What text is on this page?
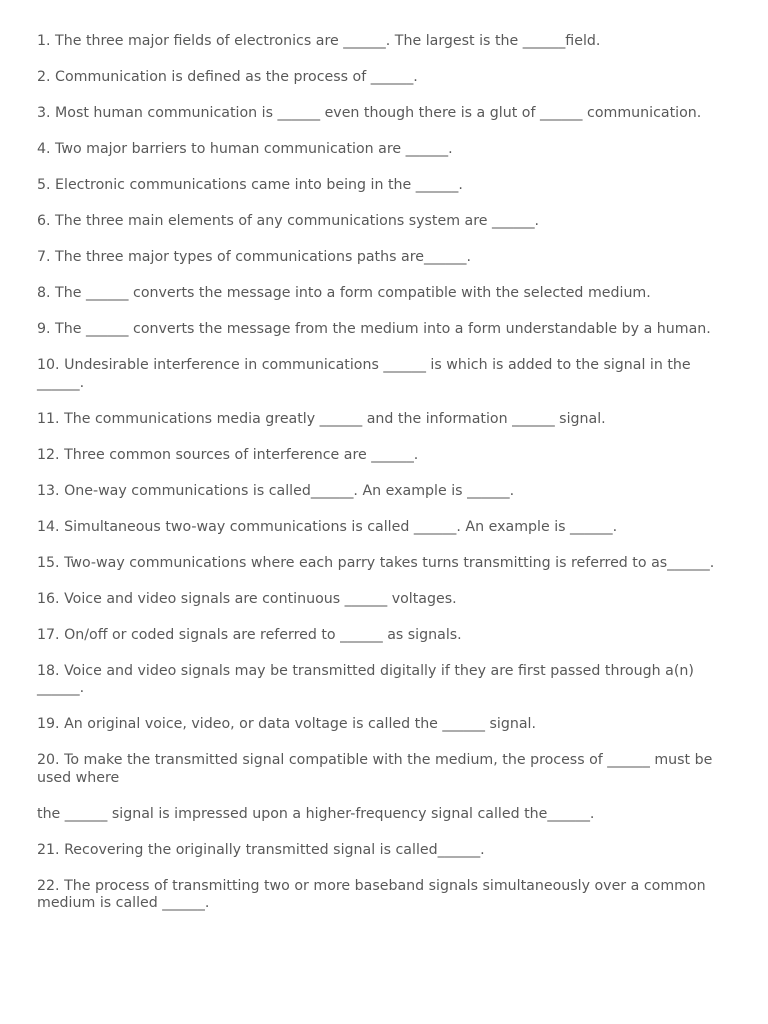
1. The three major fields of electronics are ______. The largest is the ______field.

2. Communication is defined as the process of ______.

3. Most human communication is ______ even though there is a glut of ______ communication.

4. Two major barriers to human communication are ______.

5. Electronic communications came into being in the ______.

6. The three main elements of any communications system are ______.

7. The three major types of communications paths are______.

8. The ______ converts the message into a form compatible with the selected medium.

9. The ______ converts the message from the medium into a form understandable by a human.

10. Undesirable interference in communications ______ is which is added to the signal in the ______.

11. The communications media greatly ______ and the information ______ signal.

12. Three common sources of interference are ______.

13. One-way communications is called______. An example is ______.

14. Simultaneous two-way communications is called ______. An example is ______.

15. Two-way communications where each parry takes turns transmitting is referred to as______.

16. Voice and video signals are continuous ______ voltages.

17. On/off or coded signals are referred to ______ as signals.

18. Voice and video signals may be transmitted digitally if they are first passed through a(n) ______.

19. An original voice, video, or data voltage is called the ______ signal.

20. To make the transmitted signal compatible with the medium, the process of ______ must be used where

the ______ signal is impressed upon a higher-frequency signal called the______.

21. Recovering the originally transmitted signal is called______.

22. The process of transmitting two or more baseband signals simultaneously over a common medium is called ______.
